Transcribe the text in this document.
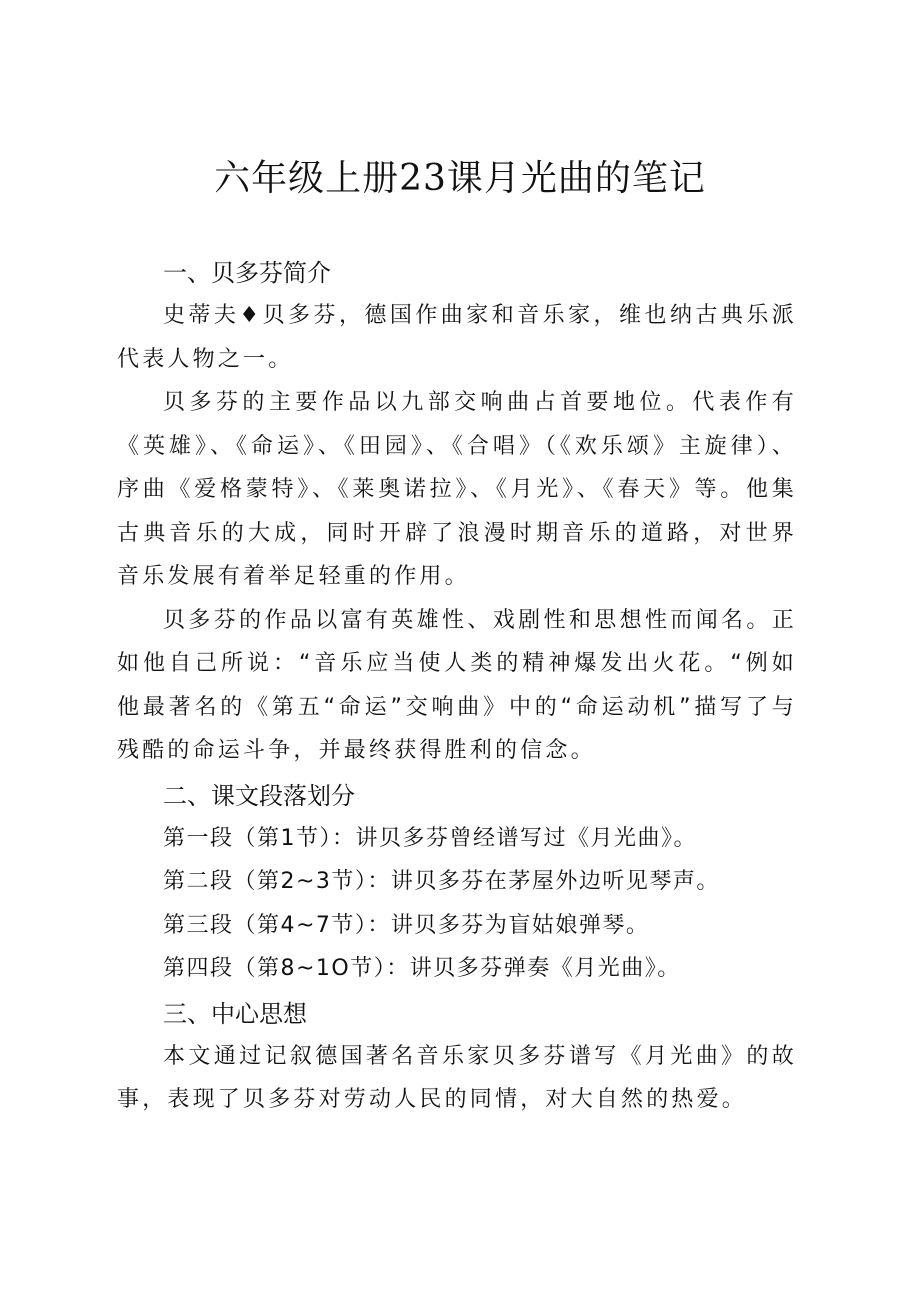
六年级上册23课月光曲的笔记
一、贝多芬简介

史蒂夫♦贝多芬，德国作曲家和音乐家，维也纳古典乐派代表人物之一。

贝多芬的主要作品以九部交响曲占首要地位。代表作有《英雄》、《命运》、《田园》、《合唱》（《欢乐颂》主旋律）、序曲《爱格蒙特》、《莱奥诺拉》、《月光》、《春天》等。他集古典音乐的大成，同时开辟了浪漫时期音乐的道路，对世界音乐发展有着举足轻重的作用。

贝多芬的作品以富有英雄性、戏剧性和思想性而闻名。正如他自己所说：“音乐应当使人类的精神爆发出火花。“例如他最著名的《第五“命运”交响曲》中的“命运动机”描写了与残酷的命运斗争，并最终获得胜利的信念。

二、课文段落划分

第一段（第1节）：讲贝多芬曾经谱写过《月光曲》。

第二段（第2~3节）：讲贝多芬在茅屋外边听见琴声。

第三段（第4~7节）：讲贝多芬为盲姑娘弹琴。

第四段（第8~1O节）：讲贝多芬弹奏《月光曲》。

三、中心思想

本文通过记叙德国著名音乐家贝多芬谱写《月光曲》的故事，表现了贝多芬对劳动人民的同情，对大自然的热爱。
